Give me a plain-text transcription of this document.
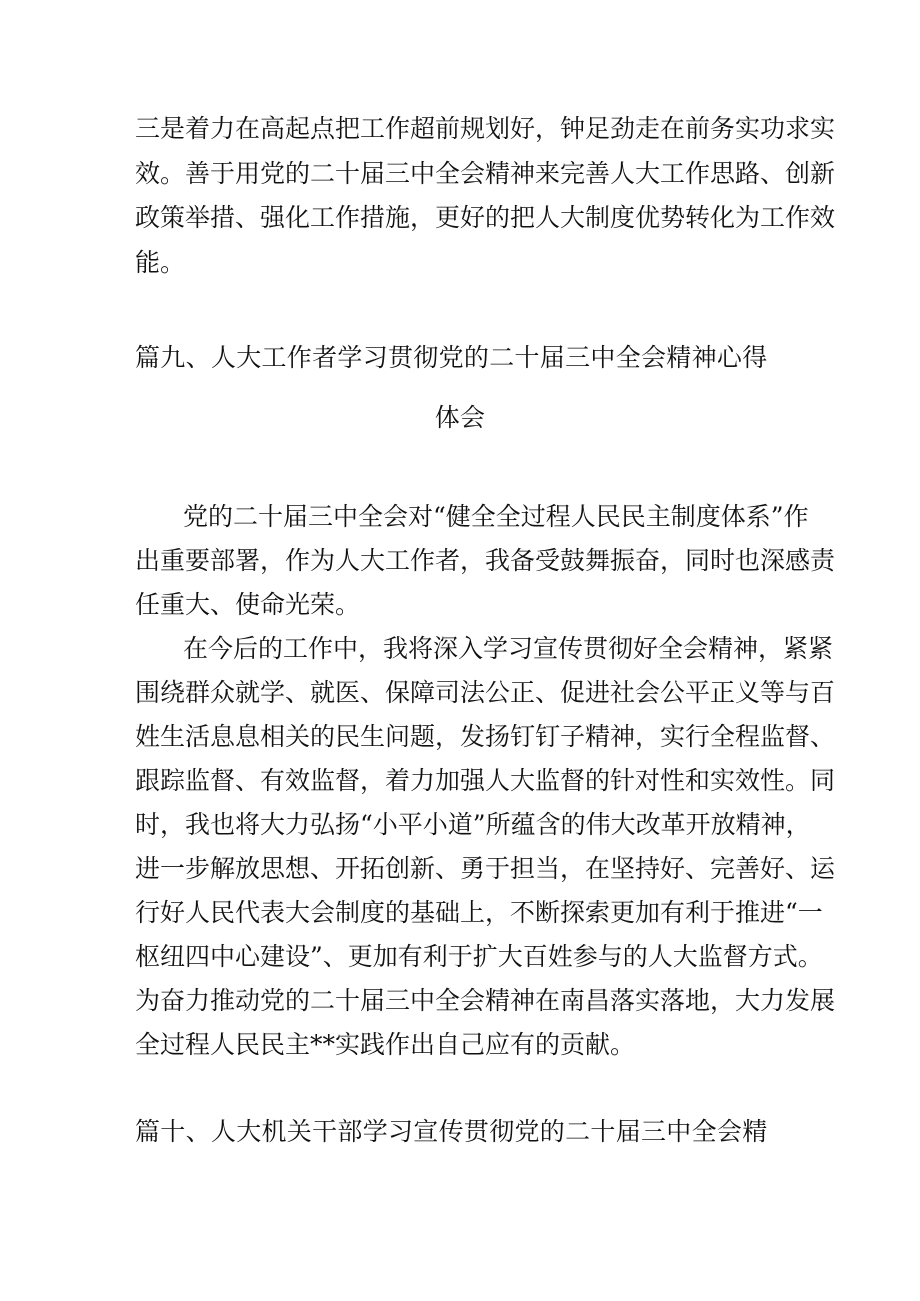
三是着力在高起点把工作超前规划好，钟足劲走在前务实功求实
效。善于用党的二十届三中全会精神来完善人大工作思路、创新
政策举措、强化工作措施，更好的把人大制度优势转化为工作效
能。
篇九、人大工作者学习贯彻党的二十届三中全会精神心得
体会
党的二十届三中全会对“健全全过程人民民主制度体系”作
出重要部署，作为人大工作者，我备受鼓舞振奋，同时也深感责
任重大、使命光荣。
在今后的工作中，我将深入学习宣传贯彻好全会精神，紧紧
围绕群众就学、就医、保障司法公正、促进社会公平正义等与百
姓生活息息相关的民生问题，发扬钉钉子精神，实行全程监督、
跟踪监督、有效监督，着力加强人大监督的针对性和实效性。同
时，我也将大力弘扬“小平小道”所蕴含的伟大改革开放精神，
进一步解放思想、开拓创新、勇于担当，在坚持好、完善好、运
行好人民代表大会制度的基础上，不断探索更加有利于推进“一
枢纽四中心建设”、更加有利于扩大百姓参与的人大监督方式。
为奋力推动党的二十届三中全会精神在南昌落实落地，大力发展
全过程人民民主**实践作出自己应有的贡献。
篇十、人大机关干部学习宣传贯彻党的二十届三中全会精
